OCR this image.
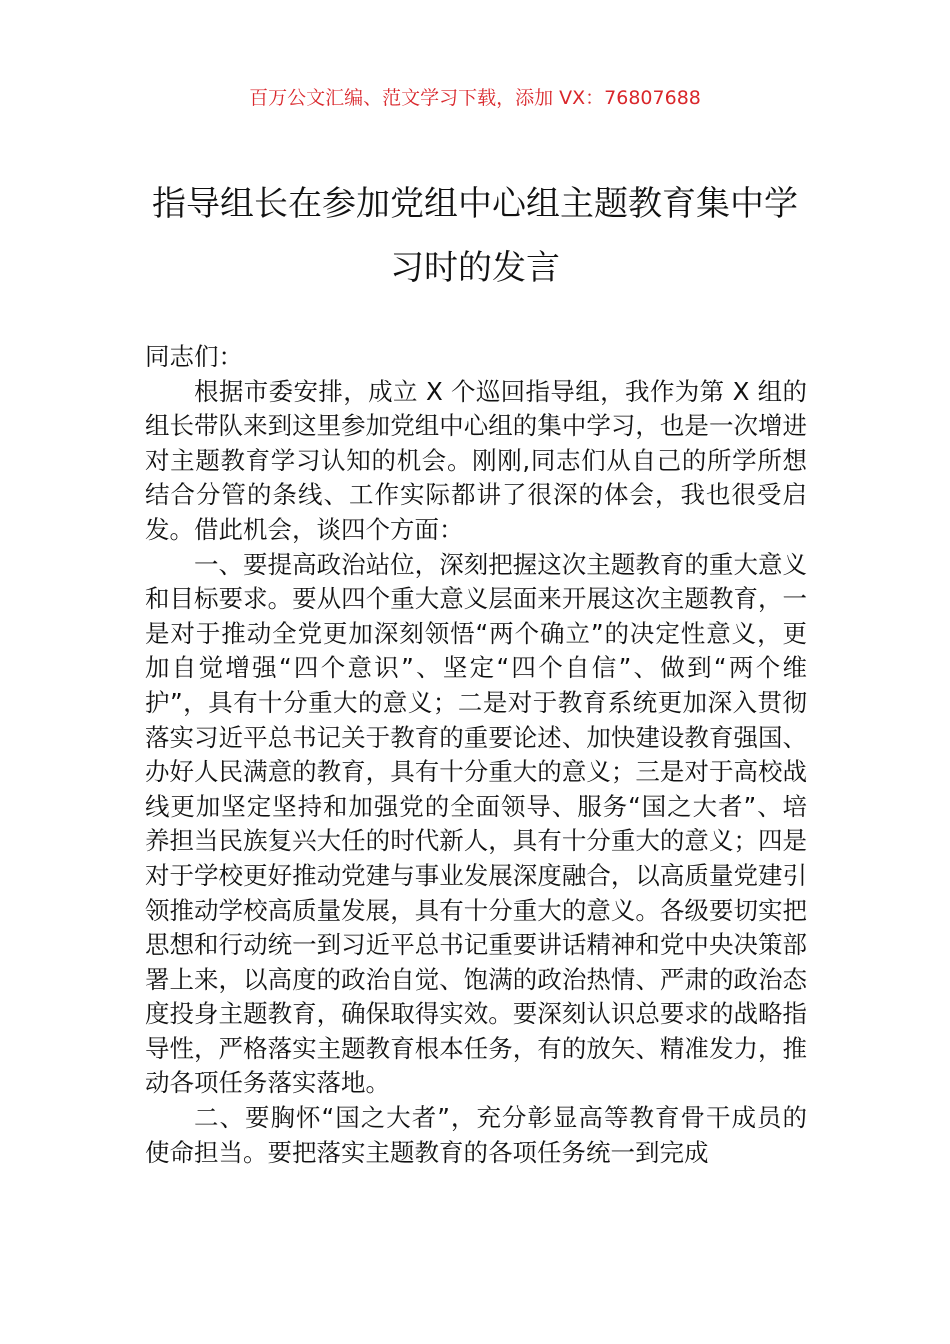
百万公文汇编、范文学习下载，添加 VX：76807688
指导组长在参加党组中心组主题教育集中学习时的发言

同志们：

根据市委安排，成立 X 个巡回指导组，我作为第 X 组的组长带队来到这里参加党组中心组的集中学习，也是一次增进对主题教育学习认知的机会。刚刚,同志们从自己的所学所想结合分管的条线、工作实际都讲了很深的体会，我也很受启发。借此机会，谈四个方面：

一、要提高政治站位，深刻把握这次主题教育的重大意义和目标要求。要从四个重大意义层面来开展这次主题教育，一是对于推动全党更加深刻领悟“两个确立”的决定性意义，更加自觉增强“四个意识”、坚定“四个自信”、做到“两个维护”，具有十分重大的意义；二是对于教育系统更加深入贯彻落实习近平总书记关于教育的重要论述、加快建设教育强国、办好人民满意的教育，具有十分重大的意义；三是对于高校战线更加坚定坚持和加强党的全面领导、服务“国之大者”、培养担当民族复兴大任的时代新人，具有十分重大的意义；四是对于学校更好推动党建与事业发展深度融合，以高质量党建引领推动学校高质量发展，具有十分重大的意义。各级要切实把思想和行动统一到习近平总书记重要讲话精神和党中央决策部署上来，以高度的政治自觉、饱满的政治热情、严肃的政治态度投身主题教育，确保取得实效。要深刻认识总要求的战略指导性，严格落实主题教育根本任务，有的放矢、精准发力，推动各项任务落实落地。

二、要胸怀“国之大者”，充分彰显高等教育骨干成员的使命担当。要把落实主题教育的各项任务统一到完成
